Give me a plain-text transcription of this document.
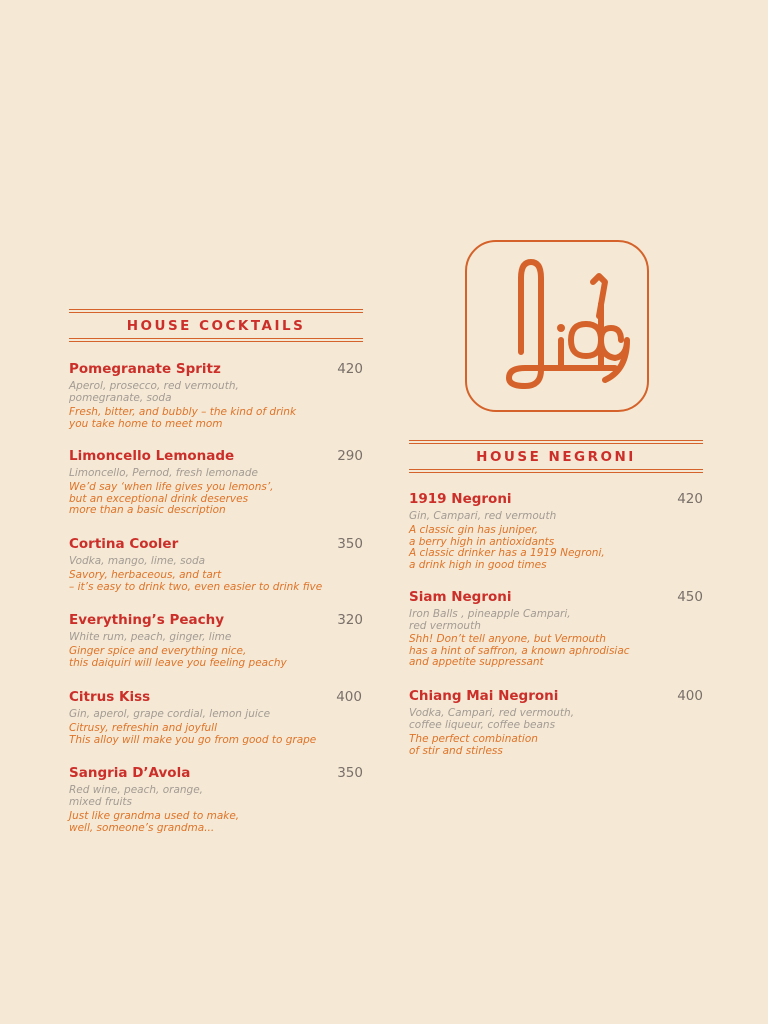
HOUSE COCKTAILS
Pomegranate Spritz	420
Aperol, prosecco, red vermouth,
pomegranate, soda
Fresh, bitter, and bubbly – the kind of drink
you take home to meet mom
Limoncello Lemonade	290
Limoncello, Pernod, fresh lemonade
We’d say ‘when life gives you lemons’,
but an exceptional drink deserves
more than a basic description
Cortina Cooler	350
Vodka, mango, lime, soda
Savory, herbaceous, and tart
– it’s easy to drink two, even easier to drink five
Everything’s Peachy	320
White rum, peach, ginger, lime
Ginger spice and everything nice,
this daiquiri will leave you feeling peachy
Citrus Kiss	400
Gin, aperol, grape cordial, lemon juice
Citrusy, refreshin and joyfull
This alloy will make you go from good to grape
Sangria D’Avola	350
Red wine, peach, orange,
mixed fruits
Just like grandma used to make,
well, someone’s grandma...
HOUSE NEGRONI
1919 Negroni	420
Gin, Campari, red vermouth
A classic gin has juniper,
a berry high in antioxidants
A classic drinker has a 1919 Negroni,
a drink high in good times
Siam Negroni	450
Iron Balls , pineapple Campari,
red vermouth
Shh! Don’t tell anyone, but Vermouth
has a hint of saffron, a known aphrodisiac
and appetite suppressant
Chiang Mai Negroni	400
Vodka, Campari, red vermouth,
coffee liqueur, coffee beans
The perfect combination
of stir and stirless
